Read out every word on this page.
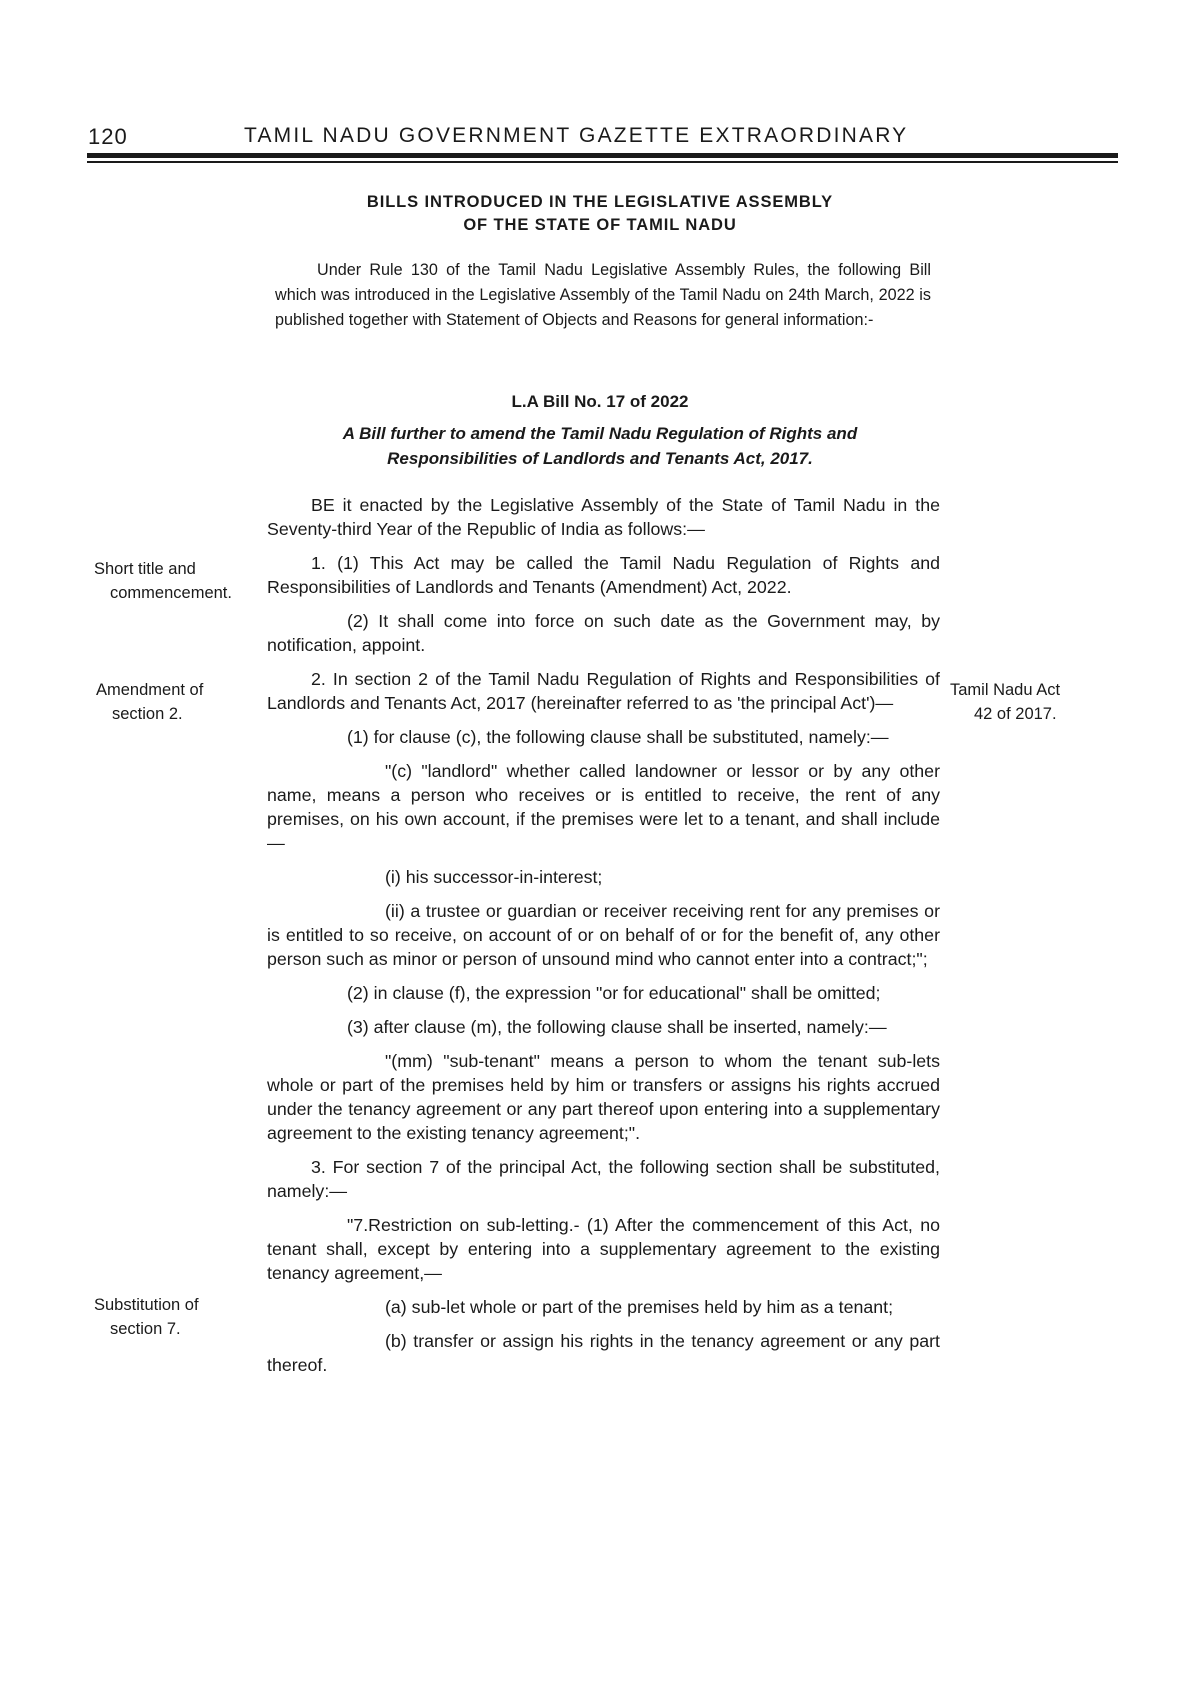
120	TAMIL NADU GOVERNMENT GAZETTE EXTRAORDINARY
BILLS INTRODUCED IN THE LEGISLATIVE ASSEMBLY
OF THE STATE OF TAMIL NADU

Under Rule 130 of the Tamil Nadu Legislative Assembly Rules, the following Bill which was introduced in the Legislative Assembly of the Tamil Nadu on 24th March, 2022 is published together with Statement of Objects and Reasons for general information:-

L.A Bill No. 17 of 2022
A Bill further to amend the Tamil Nadu Regulation of Rights and
Responsibilities of Landlords and Tenants Act, 2017.

BE it enacted by the Legislative Assembly of the State of Tamil Nadu in the Seventy-third Year of the Republic of India as follows:—

1. (1) This Act may be called the Tamil Nadu Regulation of Rights and Responsibilities of Landlords and Tenants (Amendment) Act, 2022.

(2) It shall come into force on such date as the Government may, by notification, appoint.

2. In section 2 of the Tamil Nadu Regulation of Rights and Responsibilities of Landlords and Tenants Act, 2017 (hereinafter referred to as 'the principal Act')—

(1) for clause (c), the following clause shall be substituted, namely:—

"(c) "landlord" whether called landowner or lessor or by any other name, means a person who receives or is entitled to receive, the rent of any premises, on his own account, if the premises were let to a tenant, and shall include—

(i) his successor-in-interest;

(ii) a trustee or guardian or receiver receiving rent for any premises or is entitled to so receive, on account of or on behalf of or for the benefit of, any other person such as minor or person of unsound mind who cannot enter into a contract;";

(2) in clause (f), the expression "or for educational" shall be omitted;

(3) after clause (m), the following clause shall be inserted, namely:—

"(mm) "sub-tenant" means a person to whom the tenant sub-lets whole or part of the premises held by him or transfers or assigns his rights accrued under the tenancy agreement or any part thereof upon entering into a supplementary agreement to the existing tenancy agreement;".

3. For section 7 of the principal Act, the following section shall be substituted, namely:—

"7.Restriction on sub-letting.- (1) After the commencement of this Act, no tenant shall, except by entering into a supplementary agreement to the existing tenancy agreement,—

(a) sub-let whole or part of the premises held by him as a tenant;

(b) transfer or assign his rights in the tenancy agreement or any part thereof.

Short title and
commencement.
Amendment of
section 2.
Substitution of
section 7.
Tamil Nadu Act
42 of 2017.
